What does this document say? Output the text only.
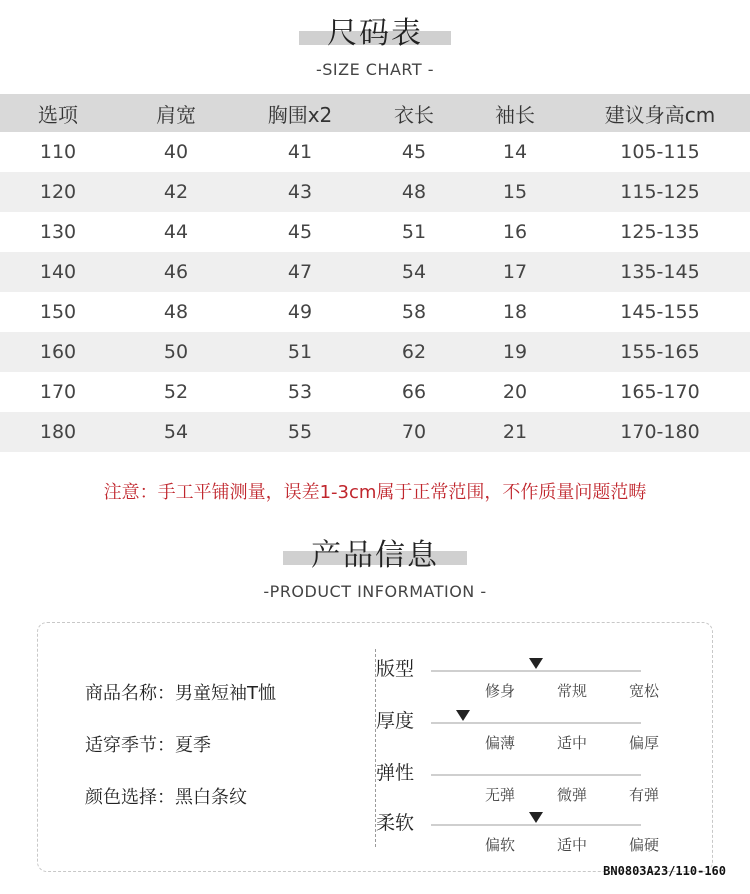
尺码表
-SIZE CHART -
选项	肩宽	胸围x2	衣长	袖长	建议身高cm
110	40	41	45	14	105-115
120	42	43	48	15	115-125
130	44	45	51	16	125-135
140	46	47	54	17	135-145
150	48	49	58	18	145-155
160	50	51	62	19	155-165
170	52	53	66	20	165-170
180	54	55	70	21	170-180
注意：手工平铺测量，误差1-3cm属于正常范围，不作质量问题范畴
产品信息
-PRODUCT INFORMATION -
商品名称：男童短袖T恤
适穿季节：夏季
颜色选择：黑白条纹
版型
修身	常规	宽松
厚度
偏薄	适中	偏厚
弹性
无弹	微弹	有弹
柔软
偏软	适中	偏硬
BN0803A23/110-160
